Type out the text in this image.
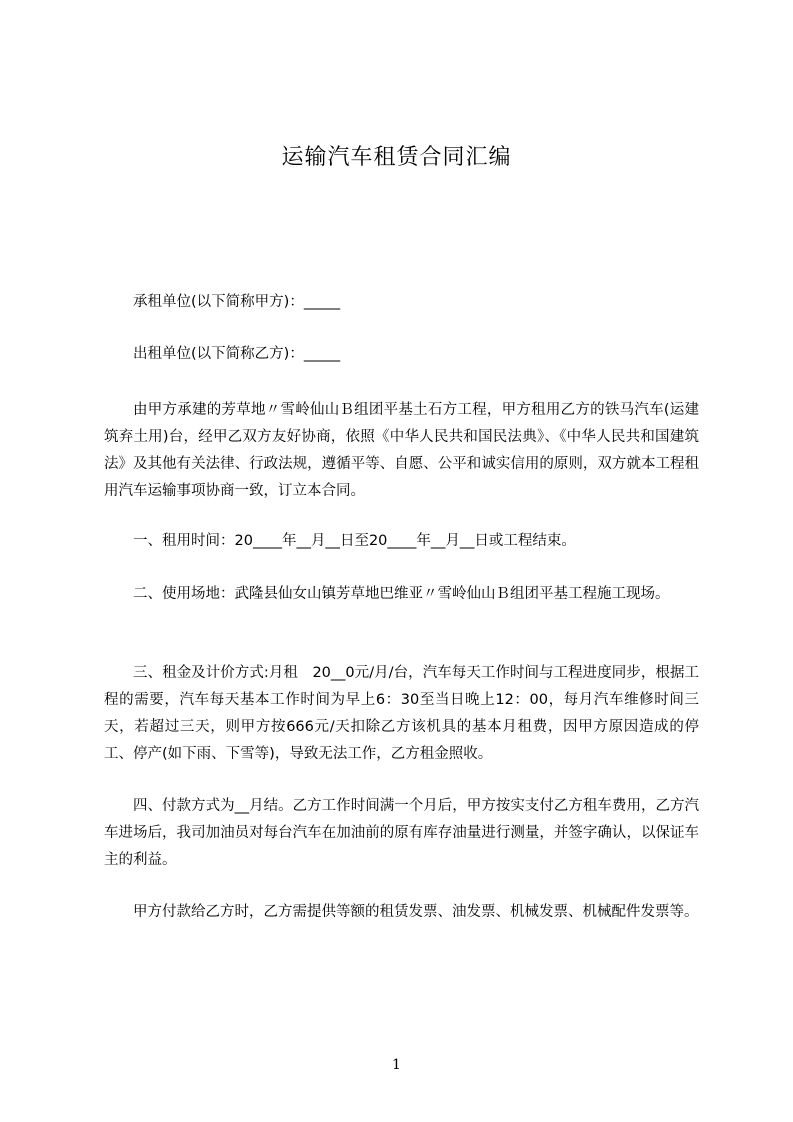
运输汽车租赁合同汇编
承租单位(以下简称甲方)：_____
出租单位(以下简称乙方)：_____
由甲方承建的芳草地〃雪岭仙山Ｂ组团平基土石方工程，甲方租用乙方的铁马汽车(运建筑弃土用)台，经甲乙双方友好协商，依照《中华人民共和国民法典》、《中华人民共和国建筑法》及其他有关法律、行政法规，遵循平等、自愿、公平和诚实信用的原则，双方就本工程租用汽车运输事项协商一致，订立本合同。
一、租用时间：20____年__月__日至20____年__月__日或工程结束。
二、使用场地：武隆县仙女山镇芳草地巴维亚〃雪岭仙山Ｂ组团平基工程施工现场。
三、租金及计价方式:月租　20__0元/月/台，汽车每天工作时间与工程进度同步，根据工程的需要，汽车每天基本工作时间为早上6：30至当日晚上12：00，每月汽车维修时间三天，若超过三天，则甲方按666元/天扣除乙方该机具的基本月租费，因甲方原因造成的停工、停产(如下雨、下雪等)，导致无法工作，乙方租金照收。
四、付款方式为__月结。乙方工作时间满一个月后，甲方按实支付乙方租车费用，乙方汽车进场后，我司加油员对每台汽车在加油前的原有库存油量进行测量，并签字确认，以保证车主的利益。
甲方付款给乙方时，乙方需提供等额的租赁发票、油发票、机械发票、机械配件发票等。
1
